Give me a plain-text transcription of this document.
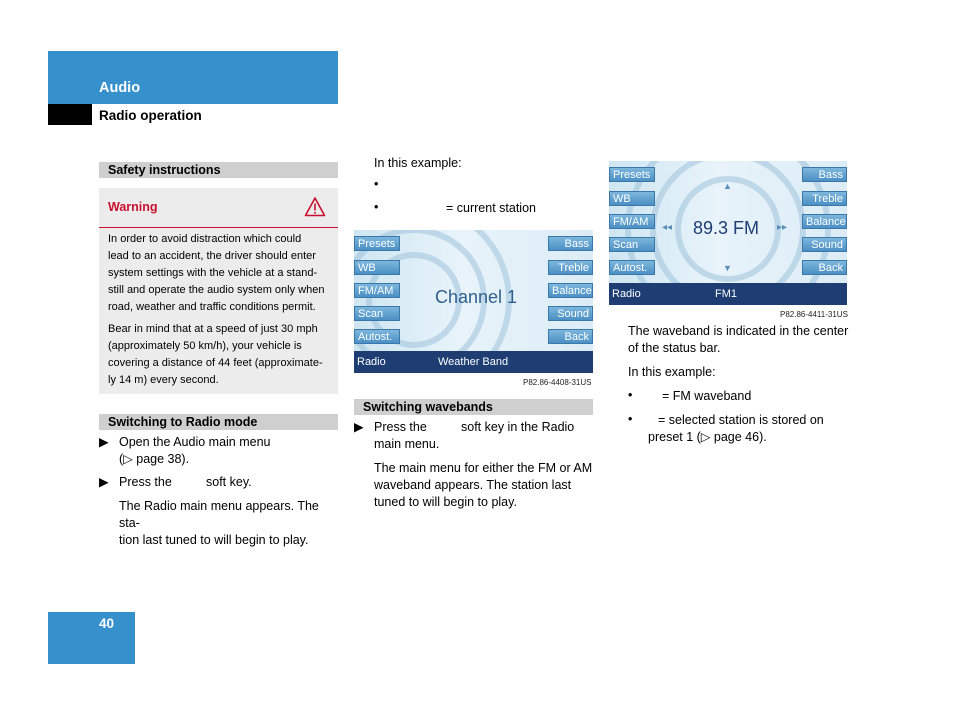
Audio
Radio operation
Safety instructions
Warning
In order to avoid distraction which could
lead to an accident, the driver should enter
system settings with the vehicle at a stand-
still and operate the audio system only when
road, weather and traffic conditions permit.
Bear in mind that at a speed of just 30 mph
(approximately 50 km/h), your vehicle is
covering a distance of 44 feet (approximate-
ly 14 m) every second.
Switching to Radio mode
▶ Open the Audio main menu
(▷ page 38).
▶ Press the	soft key.
The Radio main menu appears. The sta-
tion last tuned to will begin to play.
In this example:
•
•	= current station
Presets
WB
FM/AM
Scan
Autost.
Bass
Treble
Balance
Sound
Back
Channel 1
Radio	Weather Band
P82.86-4408-31US
Switching wavebands
▶ Press the	soft key in the Radio
main menu.
The main menu for either the FM or AM
waveband appears. The station last
tuned to will begin to play.
Presets
WB
FM/AM
Scan
Autost.
Bass
Treble
Balance
Sound
Back
▲
◂◂ 89.3 FM ▸▸
▼
Radio	FM1
P82.86-4411-31US
The waveband is indicated in the center
of the status bar.
In this example:
• = FM waveband
• = selected station is stored on
preset 1 (▷ page 46).
40
